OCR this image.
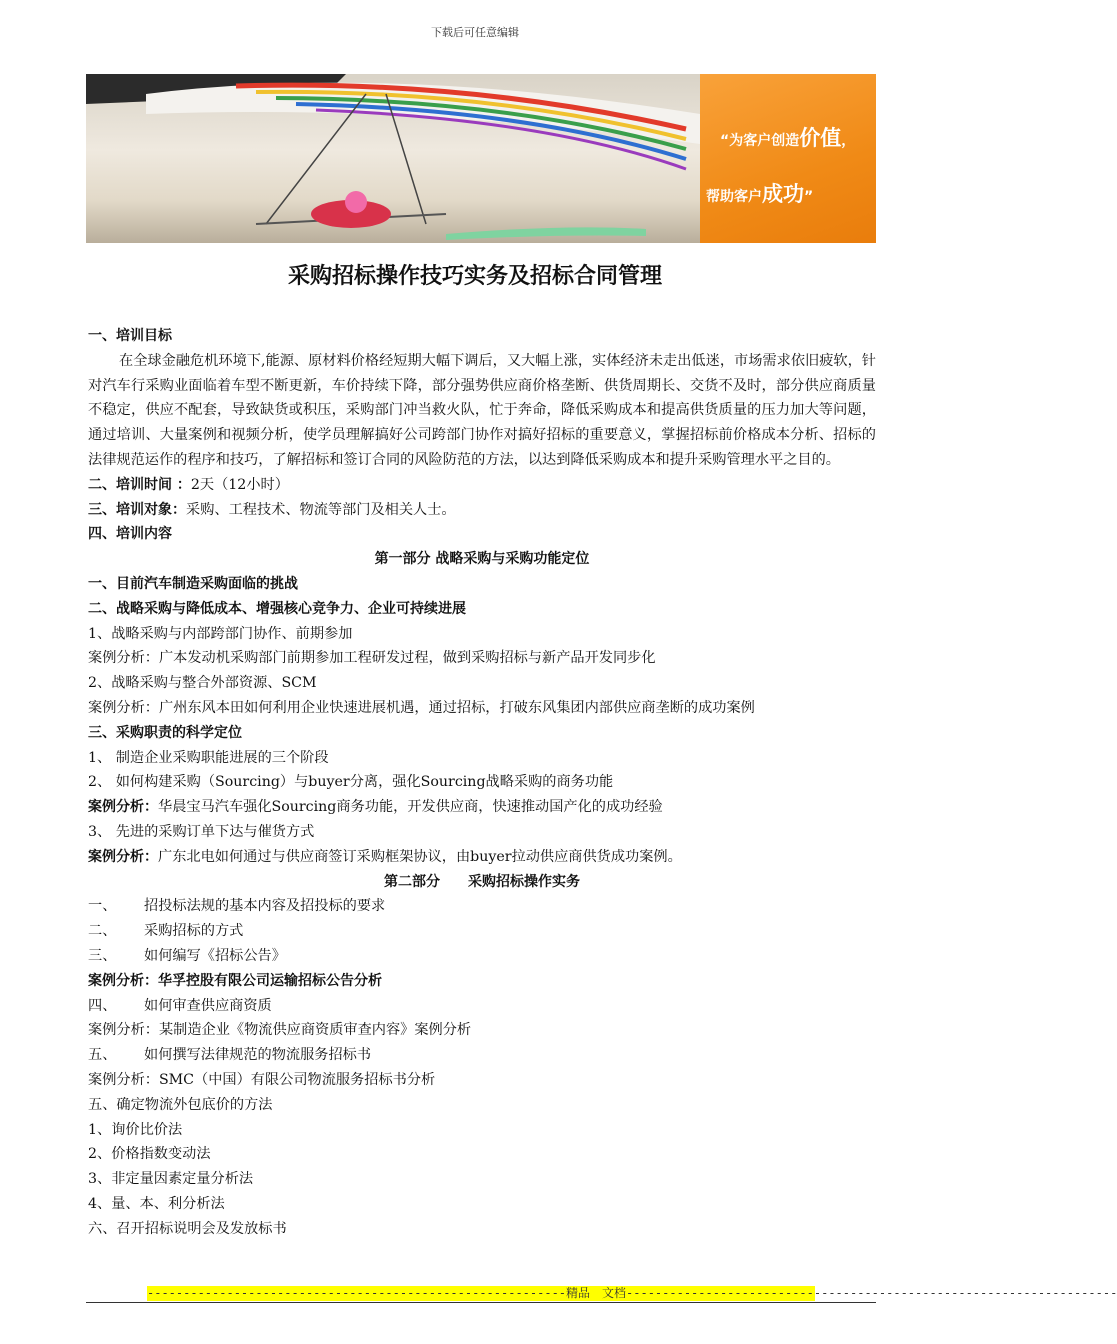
下载后可任意编辑
“为客户创造价值，
帮助客户成功”
采购招标操作技巧实务及招标合同管理
一、培训目标
在全球金融危机环境下,能源、原材料价格经短期大幅下调后，又大幅上涨，实体经济未走出低迷，市场需求依旧疲软，针对汽车行采购业面临着车型不断更新，车价持续下降，部分强势供应商价格垄断、供货周期长、交货不及时，部分供应商质量不稳定，供应不配套，导致缺货或积压，采购部门冲当救火队，忙于奔命，降低采购成本和提高供货质量的压力加大等问题，通过培训、大量案例和视频分析，使学员理解搞好公司跨部门协作对搞好招标的重要意义，掌握招标前价格成本分析、招标的法律规范运作的程序和技巧，了解招标和签订合同的风险防范的方法，以达到降低采购成本和提升采购管理水平之目的。
二、培训时间 ：2天（12小时）
三、培训对象：采购、工程技术、物流等部门及相关人士。
四、培训内容
第一部分 战略采购与采购功能定位
一、目前汽车制造采购面临的挑战
二、战略采购与降低成本、增强核心竞争力、企业可持续进展
1、战略采购与内部跨部门协作、前期参加
案例分析：广本发动机采购部门前期参加工程研发过程，做到采购招标与新产品开发同步化
2、战略采购与整合外部资源、SCM
案例分析：广州东风本田如何利用企业快速进展机遇，通过招标，打破东风集团内部供应商垄断的成功案例
三、采购职责的科学定位
1、 制造企业采购职能进展的三个阶段
2、 如何构建采购（Sourcing）与buyer分离，强化Sourcing战略采购的商务功能
案例分析：华晨宝马汽车强化Sourcing商务功能，开发供应商，快速推动国产化的成功经验
3、 先进的采购订单下达与催货方式
案例分析：广东北电如何通过与供应商签订采购框架协议，由buyer拉动供应商供货成功案例。
第二部分　　采购招标操作实务
一、 招投标法规的基本内容及招投标的要求
二、 采购招标的方式
三、 如何编写《招标公告》
案例分析：华孚控股有限公司运输招标公告分析
四、 如何审查供应商资质
案例分析：某制造企业《物流供应商资质审查内容》案例分析
五、 如何撰写法律规范的物流服务招标书
案例分析：SMC（中国）有限公司物流服务招标书分析
五、确定物流外包底价的方法
1、询价比价法
2、价格指数变动法
3、非定量因素定量分析法
4、量、本、利分析法
六、召开招标说明会及发放标书
----------------------------------------------------------精品　文档--------------------------------------------------------------------
